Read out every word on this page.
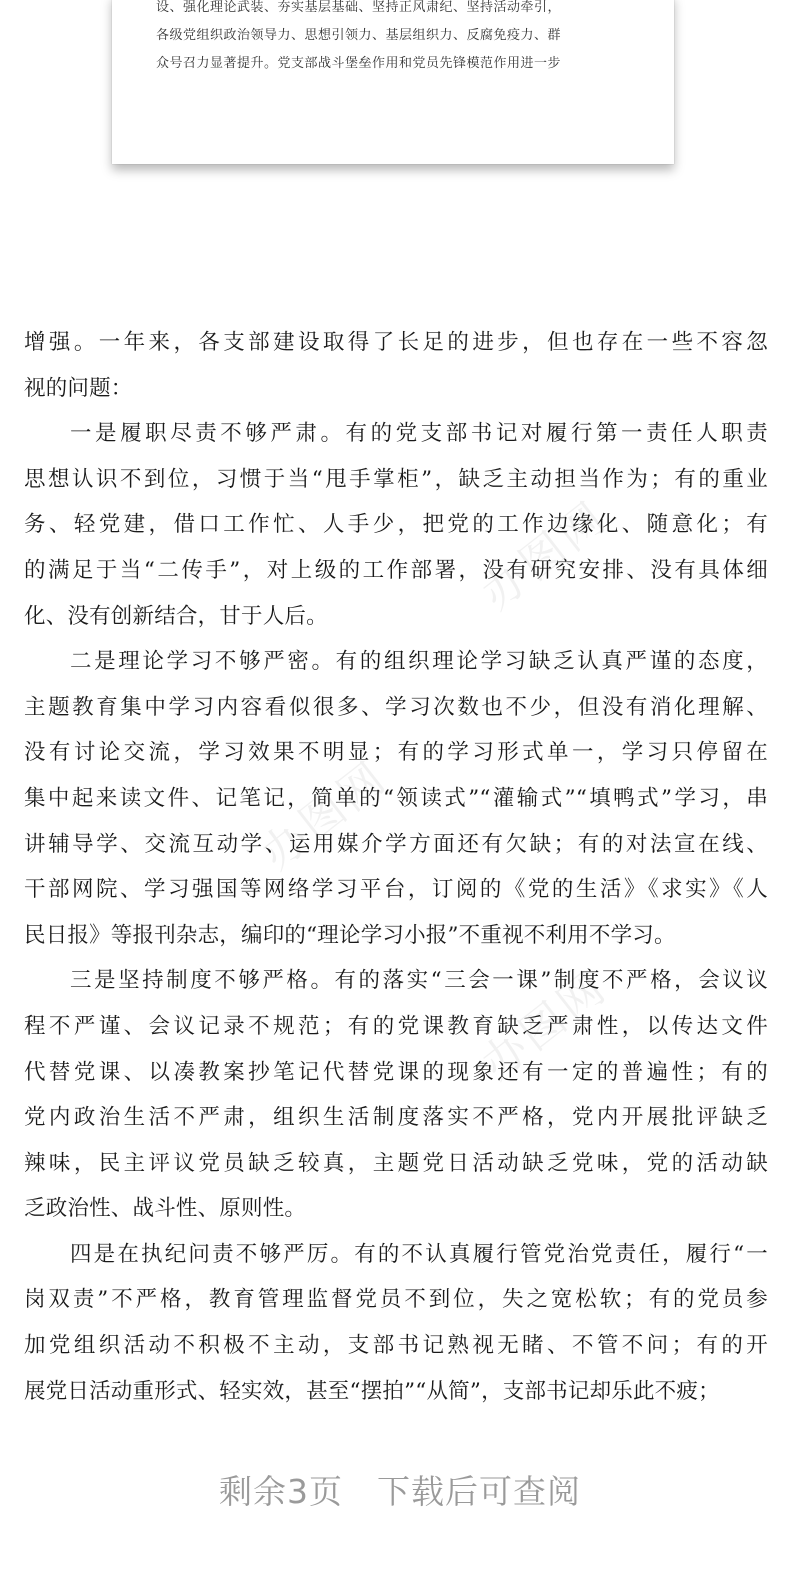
设、强化理论武装、夯实基层基础、坚持正风肃纪、坚持活动牵引，
各级党组织政治领导力、思想引领力、基层组织力、反腐免疫力、群
众号召力显著提升。党支部战斗堡垒作用和党员先锋模范作用进一步

办图网
办图网
办图网

增强。一年来，各支部建设取得了长足的进步，但也存在一些不容忽
视的问题：

一是履职尽责不够严肃。有的党支部书记对履行第一责任人职责
思想认识不到位，习惯于当“甩手掌柜”，缺乏主动担当作为；有的重业
务、轻党建，借口工作忙、人手少，把党的工作边缘化、随意化；有
的满足于当“二传手”，对上级的工作部署，没有研究安排、没有具体细
化、没有创新结合，甘于人后。

二是理论学习不够严密。有的组织理论学习缺乏认真严谨的态度，
主题教育集中学习内容看似很多、学习次数也不少，但没有消化理解、
没有讨论交流，学习效果不明显；有的学习形式单一，学习只停留在
集中起来读文件、记笔记，简单的“领读式”“灌输式”“填鸭式”学习，串
讲辅导学、交流互动学、运用媒介学方面还有欠缺；有的对法宣在线、
干部网院、学习强国等网络学习平台，订阅的《党的生活》《求实》《人
民日报》等报刊杂志，编印的“理论学习小报”不重视不利用不学习。

三是坚持制度不够严格。有的落实“三会一课”制度不严格，会议议
程不严谨、会议记录不规范；有的党课教育缺乏严肃性，以传达文件
代替党课、以凑教案抄笔记代替党课的现象还有一定的普遍性；有的
党内政治生活不严肃，组织生活制度落实不严格，党内开展批评缺乏
辣味，民主评议党员缺乏较真，主题党日活动缺乏党味，党的活动缺
乏政治性、战斗性、原则性。

四是在执纪问责不够严厉。有的不认真履行管党治党责任，履行“一
岗双责”不严格，教育管理监督党员不到位，失之宽松软；有的党员参
加党组织活动不积极不主动，支部书记熟视无睹、不管不问；有的开
展党日活动重形式、轻实效，甚至“摆拍”“从简”，支部书记却乐此不疲；

剩余3页 下载后可查阅
